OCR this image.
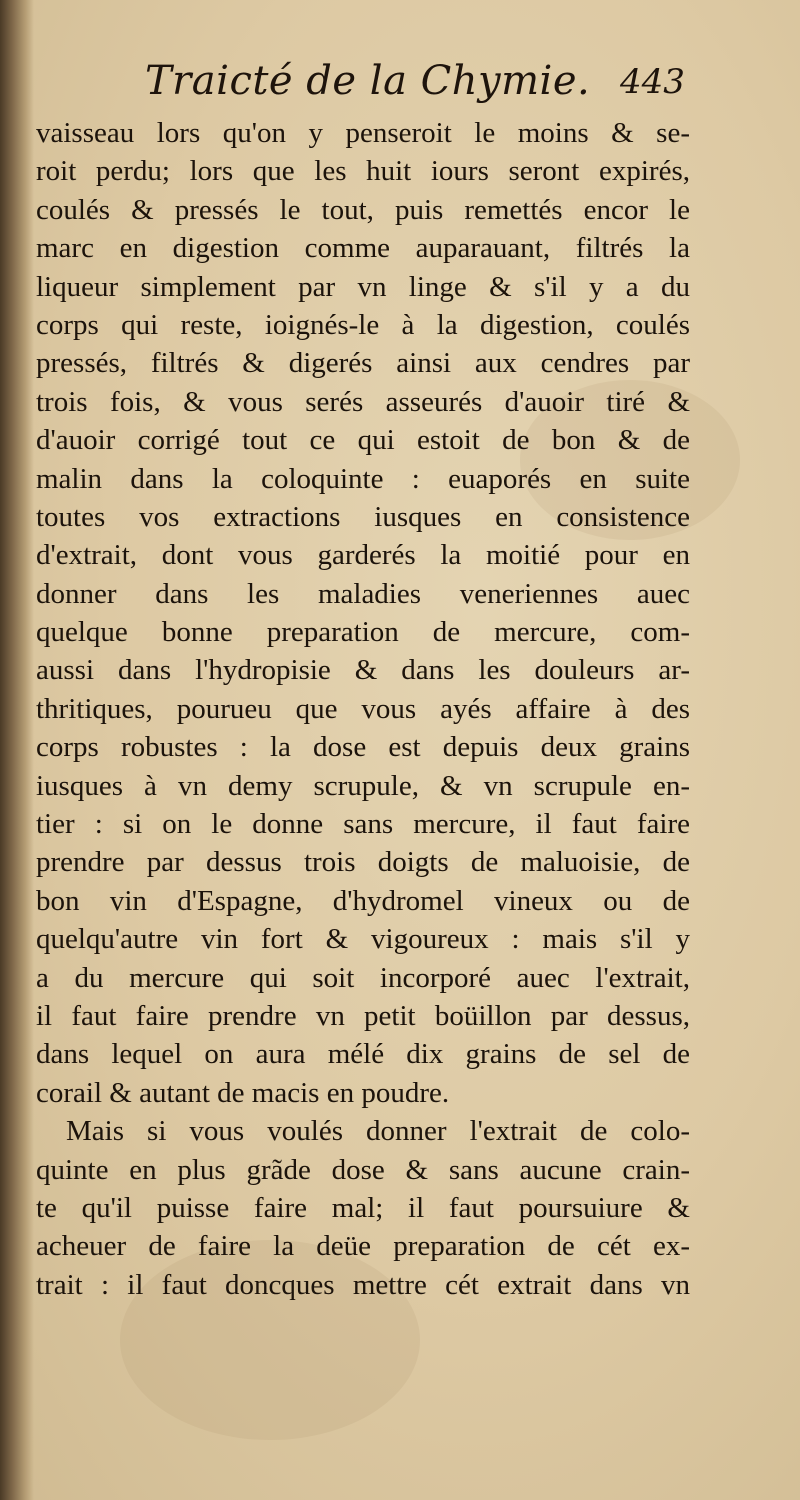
Traicté de la Chymie. 443
vaisseau lors qu'on y penseroit le moins & se-
roit perdu; lors que les huit iours seront expirés,
coulés & pressés le tout, puis remettés encor le
marc en digestion comme auparauant, filtrés la
liqueur simplement par vn linge & s'il y a du
corps qui reste, ioignés-le à la digestion, coulés
pressés, filtrés & digerés ainsi aux cendres par
trois fois, & vous serés asseurés d'auoir tiré &
d'auoir corrigé tout ce qui estoit de bon & de
malin dans la coloquinte : euaporés en suite
toutes vos extractions iusques en consistence
d'extrait, dont vous garderés la moitié pour en
donner dans les maladies veneriennes auec
quelque bonne preparation de mercure, com-
aussi dans l'hydropisie & dans les douleurs ar-
thritiques, pourueu que vous ayés affaire à des
corps robustes : la dose est depuis deux grains
iusques à vn demy scrupule, & vn scrupule en-
tier : si on le donne sans mercure, il faut faire
prendre par dessus trois doigts de maluoisie, de
bon vin d'Espagne, d'hydromel vineux ou de
quelqu'autre vin fort & vigoureux : mais s'il y
a du mercure qui soit incorporé auec l'extrait,
il faut faire prendre vn petit boüillon par dessus,
dans lequel on aura mélé dix grains de sel de
corail & autant de macis en poudre.
Mais si vous voulés donner l'extrait de colo-
quinte en plus grãde dose & sans aucune crain-
te qu'il puisse faire mal; il faut poursuiure &
acheuer de faire la deüe preparation de cét ex-
trait : il faut doncques mettre cét extrait dans vn
